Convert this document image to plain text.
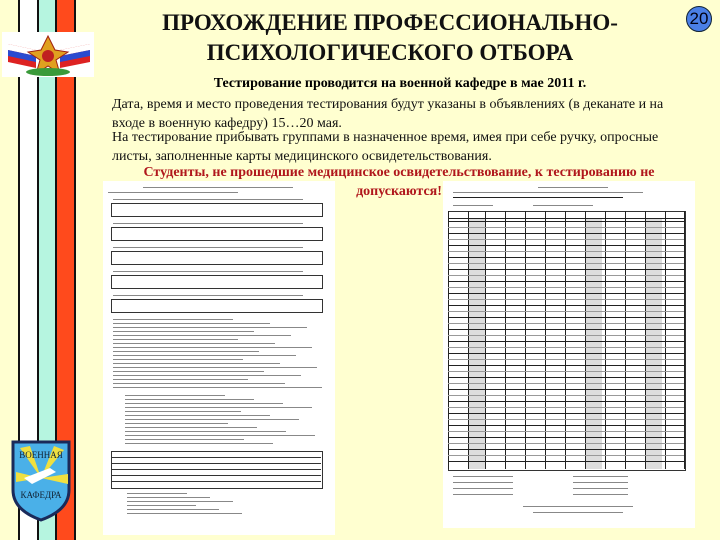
ВОЕННАЯ
КАФЕДРА
ПРОХОЖДЕНИЕ ПРОФЕССИОНАЛЬНО-
ПСИХОЛОГИЧЕСКОГО ОТБОРА
20
Тестирование проводится на военной кафедре в мае 2011 г.
Дата, время и место проведения тестирования будут указаны в объявлениях (в деканате и на входе в военную кафедру) 15…20 мая.
На тестирование прибывать группами в назначенное время, имея при себе ручку, опросные листы, заполненные карты медицинского освидетельствования.
Студенты, не прошедшие медицинское освидетельствование, к тестированию не допускаются!
